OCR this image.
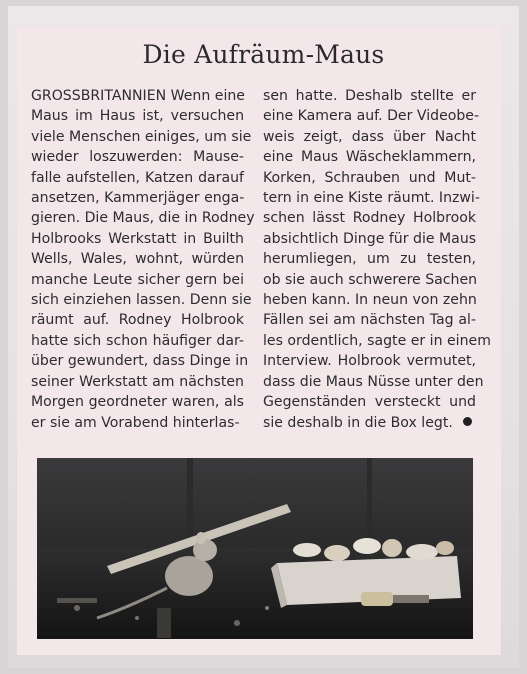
Die Aufräum-Maus
GROSSBRITANNIEN Wenn eine
Maus im Haus ist, versuchen
viele Menschen einiges, um sie
wieder loszuwerden: Mause-
falle aufstellen, Katzen darauf
ansetzen, Kammerjäger enga-
gieren. Die Maus, die in Rodney
Holbrooks Werkstatt in Builth
Wells, Wales, wohnt, würden
manche Leute sicher gern bei
sich einziehen lassen. Denn sie
räumt auf. Rodney Holbrook
hatte sich schon häufiger dar-
über gewundert, dass Dinge in
seiner Werkstatt am nächsten
Morgen geordneter waren, als
er sie am Vorabend hinterlas-
sen hatte. Deshalb stellte er
eine Kamera auf. Der Videobe-
weis zeigt, dass über Nacht
eine Maus Wäscheklammern,
Korken, Schrauben und Mut-
tern in eine Kiste räumt. Inzwi-
schen lässt Rodney Holbrook
absichtlich Dinge für die Maus
herumliegen, um zu testen,
ob sie auch schwerere Sachen
heben kann. In neun von zehn
Fällen sei am nächsten Tag al-
les ordentlich, sagte er in einem
Interview. Holbrook vermutet,
dass die Maus Nüsse unter den
Gegenständen versteckt und
sie deshalb in die Box legt.
